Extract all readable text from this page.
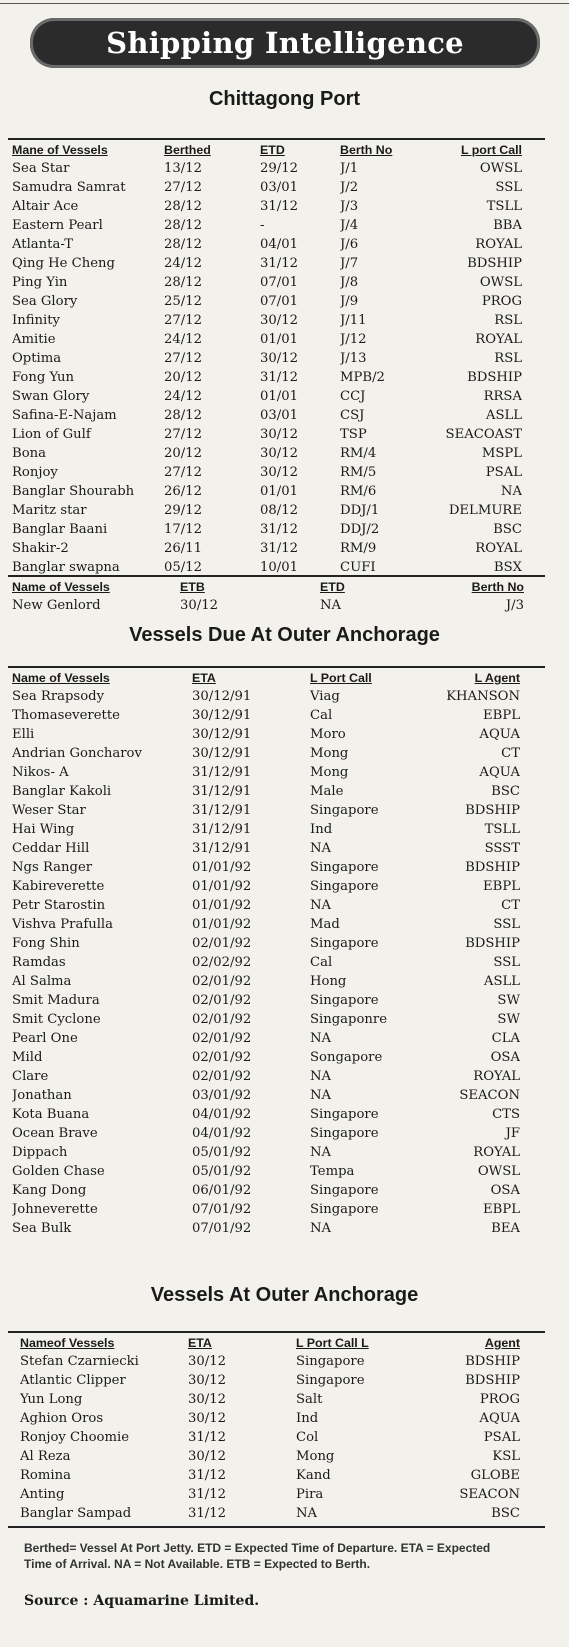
Shipping Intelligence
Chittagong Port
Mane of Vessels	Berthed	ETD	Berth No	L port Call
Sea Star	13/12	29/12	J/1	OWSL
Samudra Samrat	27/12	03/01	J/2	SSL
Altair Ace	28/12	31/12	J/3	TSLL
Eastern Pearl	28/12	-	J/4	BBA
Atlanta-T	28/12	04/01	J/6	ROYAL
Qing He Cheng	24/12	31/12	J/7	BDSHIP
Ping Yin	28/12	07/01	J/8	OWSL
Sea Glory	25/12	07/01	J/9	PROG
Infinity	27/12	30/12	J/11	RSL
Amitie	24/12	01/01	J/12	ROYAL
Optima	27/12	30/12	J/13	RSL
Fong Yun	20/12	31/12	MPB/2	BDSHIP
Swan Glory	24/12	01/01	CCJ	RRSA
Safina-E-Najam	28/12	03/01	CSJ	ASLL
Lion of Gulf	27/12	30/12	TSP	SEACOAST
Bona	20/12	30/12	RM/4	MSPL
Ronjoy	27/12	30/12	RM/5	PSAL
Banglar Shourabh	26/12	01/01	RM/6	NA
Maritz star	29/12	08/12	DDJ/1	DELMURE
Banglar Baani	17/12	31/12	DDJ/2	BSC
Shakir-2	26/11	31/12	RM/9	ROYAL
Banglar swapna	05/12	10/01	CUFI	BSX
Name of Vessels	ETB	ETD	Berth No
New Genlord	30/12	NA	J/3
Vessels Due At Outer Anchorage
Name of Vessels	ETA	L Port Call	L Agent
Sea Rrapsody	30/12/91	Viag	KHANSON
Thomaseverette	30/12/91	Cal	EBPL
Elli	30/12/91	Moro	AQUA
Andrian Goncharov	30/12/91	Mong	CT
Nikos- A	31/12/91	Mong	AQUA
Banglar Kakoli	31/12/91	Male	BSC
Weser Star	31/12/91	Singapore	BDSHIP
Hai Wing	31/12/91	Ind	TSLL
Ceddar Hill	31/12/91	NA	SSST
Ngs Ranger	01/01/92	Singapore	BDSHIP
Kabireverette	01/01/92	Singapore	EBPL
Petr Starostin	01/01/92	NA	CT
Vishva Prafulla	01/01/92	Mad	SSL
Fong Shin	02/01/92	Singapore	BDSHIP
Ramdas	02/02/92	Cal	SSL
Al Salma	02/01/92	Hong	ASLL
Smit Madura	02/01/92	Singapore	SW
Smit Cyclone	02/01/92	Singaponre	SW
Pearl One	02/01/92	NA	CLA
Mild	02/01/92	Songapore	OSA
Clare	02/01/92	NA	ROYAL
Jonathan	03/01/92	NA	SEACON
Kota Buana	04/01/92	Singapore	CTS
Ocean Brave	04/01/92	Singapore	JF
Dippach	05/01/92	NA	ROYAL
Golden Chase	05/01/92	Tempa	OWSL
Kang Dong	06/01/92	Singapore	OSA
Johneverette	07/01/92	Singapore	EBPL
Sea Bulk	07/01/92	NA	BEA
Vessels At Outer Anchorage
Nameof Vessels	ETA	L Port Call L	Agent
Stefan Czarniecki	30/12	Singapore	BDSHIP
Atlantic Clipper	30/12	Singapore	BDSHIP
Yun Long	30/12	Salt	PROG
Aghion Oros	30/12	Ind	AQUA
Ronjoy Choomie	31/12	Col	PSAL
Al Reza	30/12	Mong	KSL
Romina	31/12	Kand	GLOBE
Anting	31/12	Pira	SEACON
Banglar Sampad	31/12	NA	BSC
Berthed= Vessel At Port Jetty. ETD = Expected Time of Departure. ETA = Expected Time of Arrival. NA = Not Available. ETB = Expected to Berth.
Source : Aquamarine Limited.
